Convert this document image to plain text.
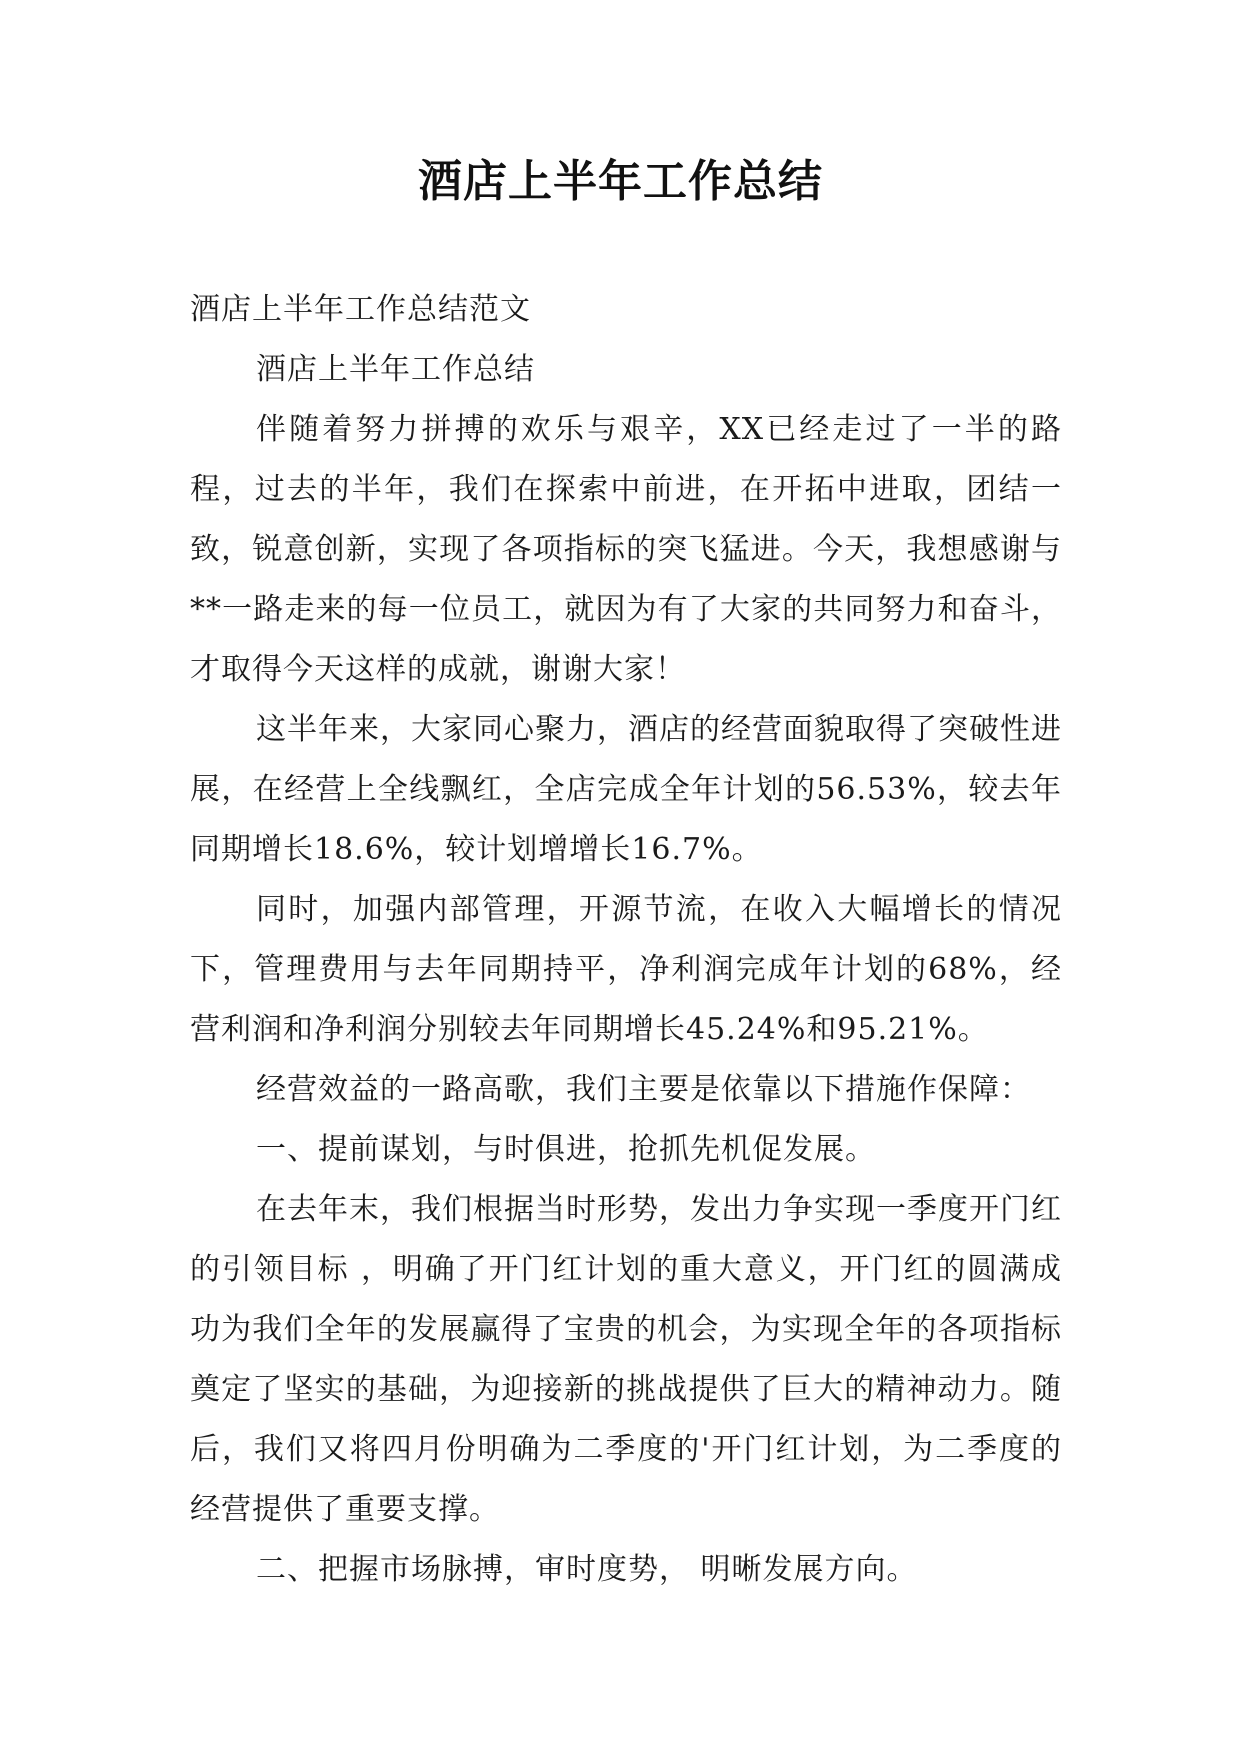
酒店上半年工作总结

酒店上半年工作总结范文

酒店上半年工作总结

伴随着努力拼搏的欢乐与艰辛，XX已经走过了一半的路程，过去的半年，我们在探索中前进，在开拓中进取，团结一致，锐意创新，实现了各项指标的突飞猛进。今天，我想感谢与**一路走来的每一位员工，就因为有了大家的共同努力和奋斗，才取得今天这样的成就，谢谢大家！

这半年来，大家同心聚力，酒店的经营面貌取得了突破性进展，在经营上全线飘红，全店完成全年计划的56.53%，较去年同期增长18.6%，较计划增增长16.7%。

同时，加强内部管理，开源节流，在收入大幅增长的情况下，管理费用与去年同期持平，净利润完成年计划的68%，经营利润和净利润分别较去年同期增长45.24%和95.21%。

经营效益的一路高歌，我们主要是依靠以下措施作保障：

一、提前谋划，与时俱进，抢抓先机促发展。

在去年末，我们根据当时形势，发出力争实现一季度开门红的引领目标 ，明确了开门红计划的重大意义，开门红的圆满成功为我们全年的发展赢得了宝贵的机会，为实现全年的各项指标奠定了坚实的基础，为迎接新的挑战提供了巨大的精神动力。随后，我们又将四月份明确为二季度的'开门红计划，为二季度的经营提供了重要支撑。

二、把握市场脉搏，审时度势， 明晰发展方向。
